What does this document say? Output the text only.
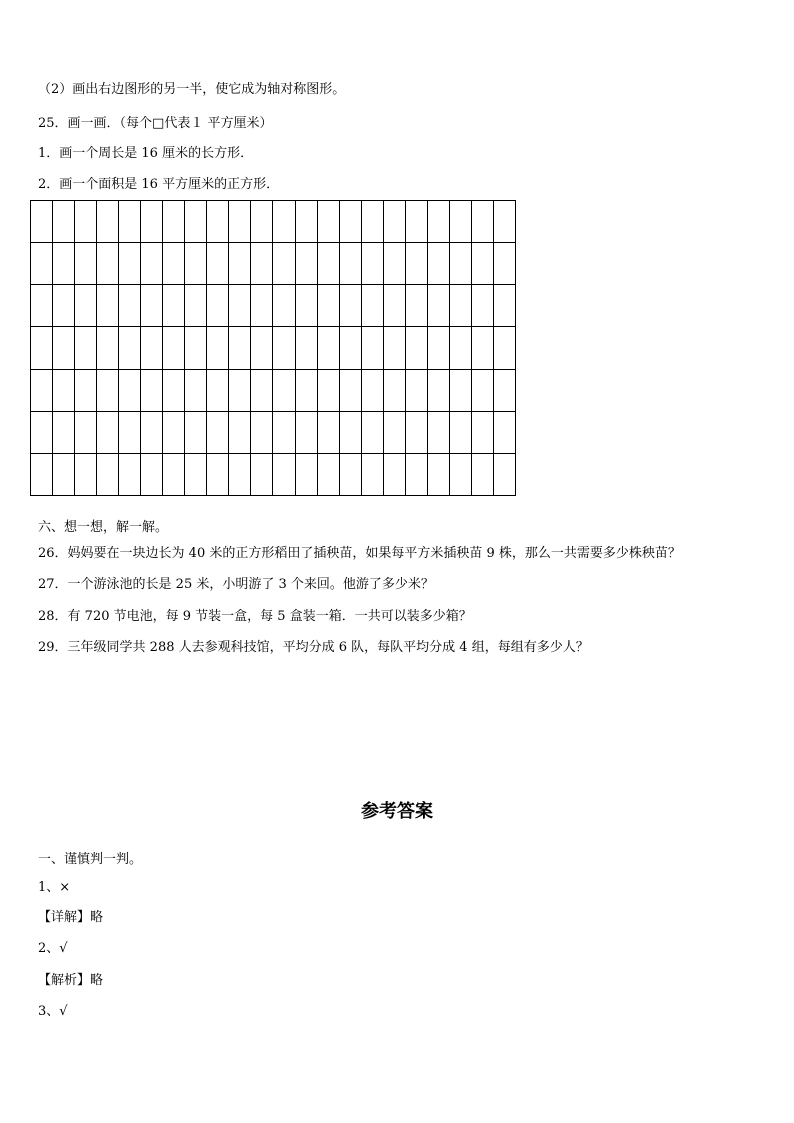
（2）画出右边图形的另一半，使它成为轴对称图形。
25．画一画．（每个□代表１ 平方厘米）
1．画一个周长是 16 厘米的长方形．
2．画一个面积是 16 平方厘米的正方形．
六、想一想，解一解。
26．妈妈要在一块边长为 40 米的正方形稻田了插秧苗，如果每平方米插秧苗 9 株，那么一共需要多少株秧苗？
27．一个游泳池的长是 25 米，小明游了 3 个来回。他游了多少米？
28．有 720 节电池，每 9 节装一盒，每 5 盒装一箱．一共可以装多少箱？
29．三年级同学共 288 人去参观科技馆，平均分成 6 队，每队平均分成 4 组，每组有多少人？
参考答案
一、谨慎判一判。
1、×
【详解】略
2、√
【解析】略
3、√
